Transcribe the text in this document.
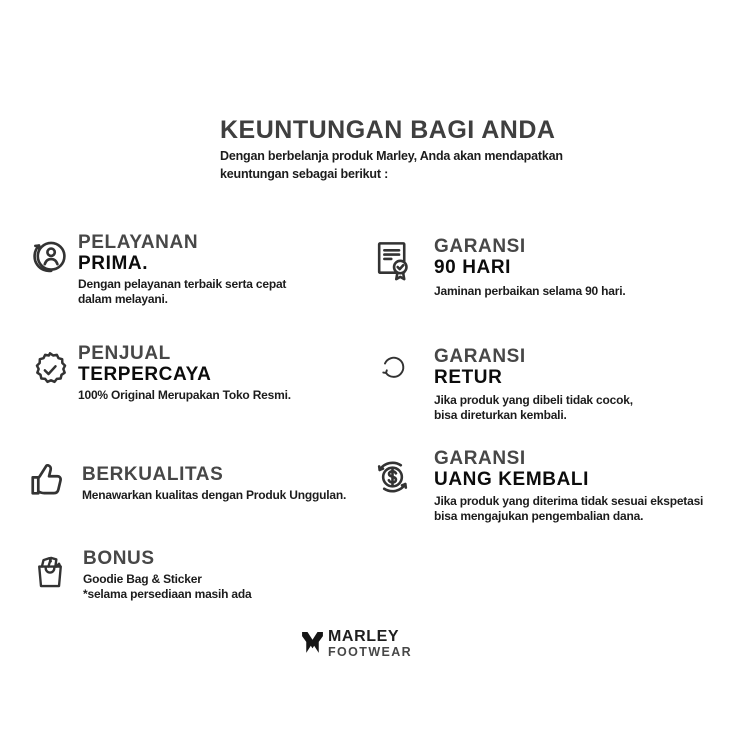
KEUNTUNGAN BAGI ANDA
Dengan berbelanja produk Marley, Anda akan mendapatkan
keuntungan sebagai berikut :
PELAYANAN
PRIMA.
Dengan pelayanan terbaik serta cepat
dalam melayani.
PENJUAL
TERPERCAYA
100% Original Merupakan Toko Resmi.
BERKUALITAS
Menawarkan kualitas dengan Produk Unggulan.
BONUS
Goodie Bag & Sticker
*selama persediaan masih ada
GARANSI
90 HARI
Jaminan perbaikan selama 90 hari.
GARANSI
RETUR
Jika produk yang dibeli tidak cocok,
bisa direturkan kembali.
GARANSI
UANG KEMBALI
Jika produk yang diterima tidak sesuai ekspetasi
bisa mengajukan pengembalian dana.
MARLEY
FOOTWEAR
